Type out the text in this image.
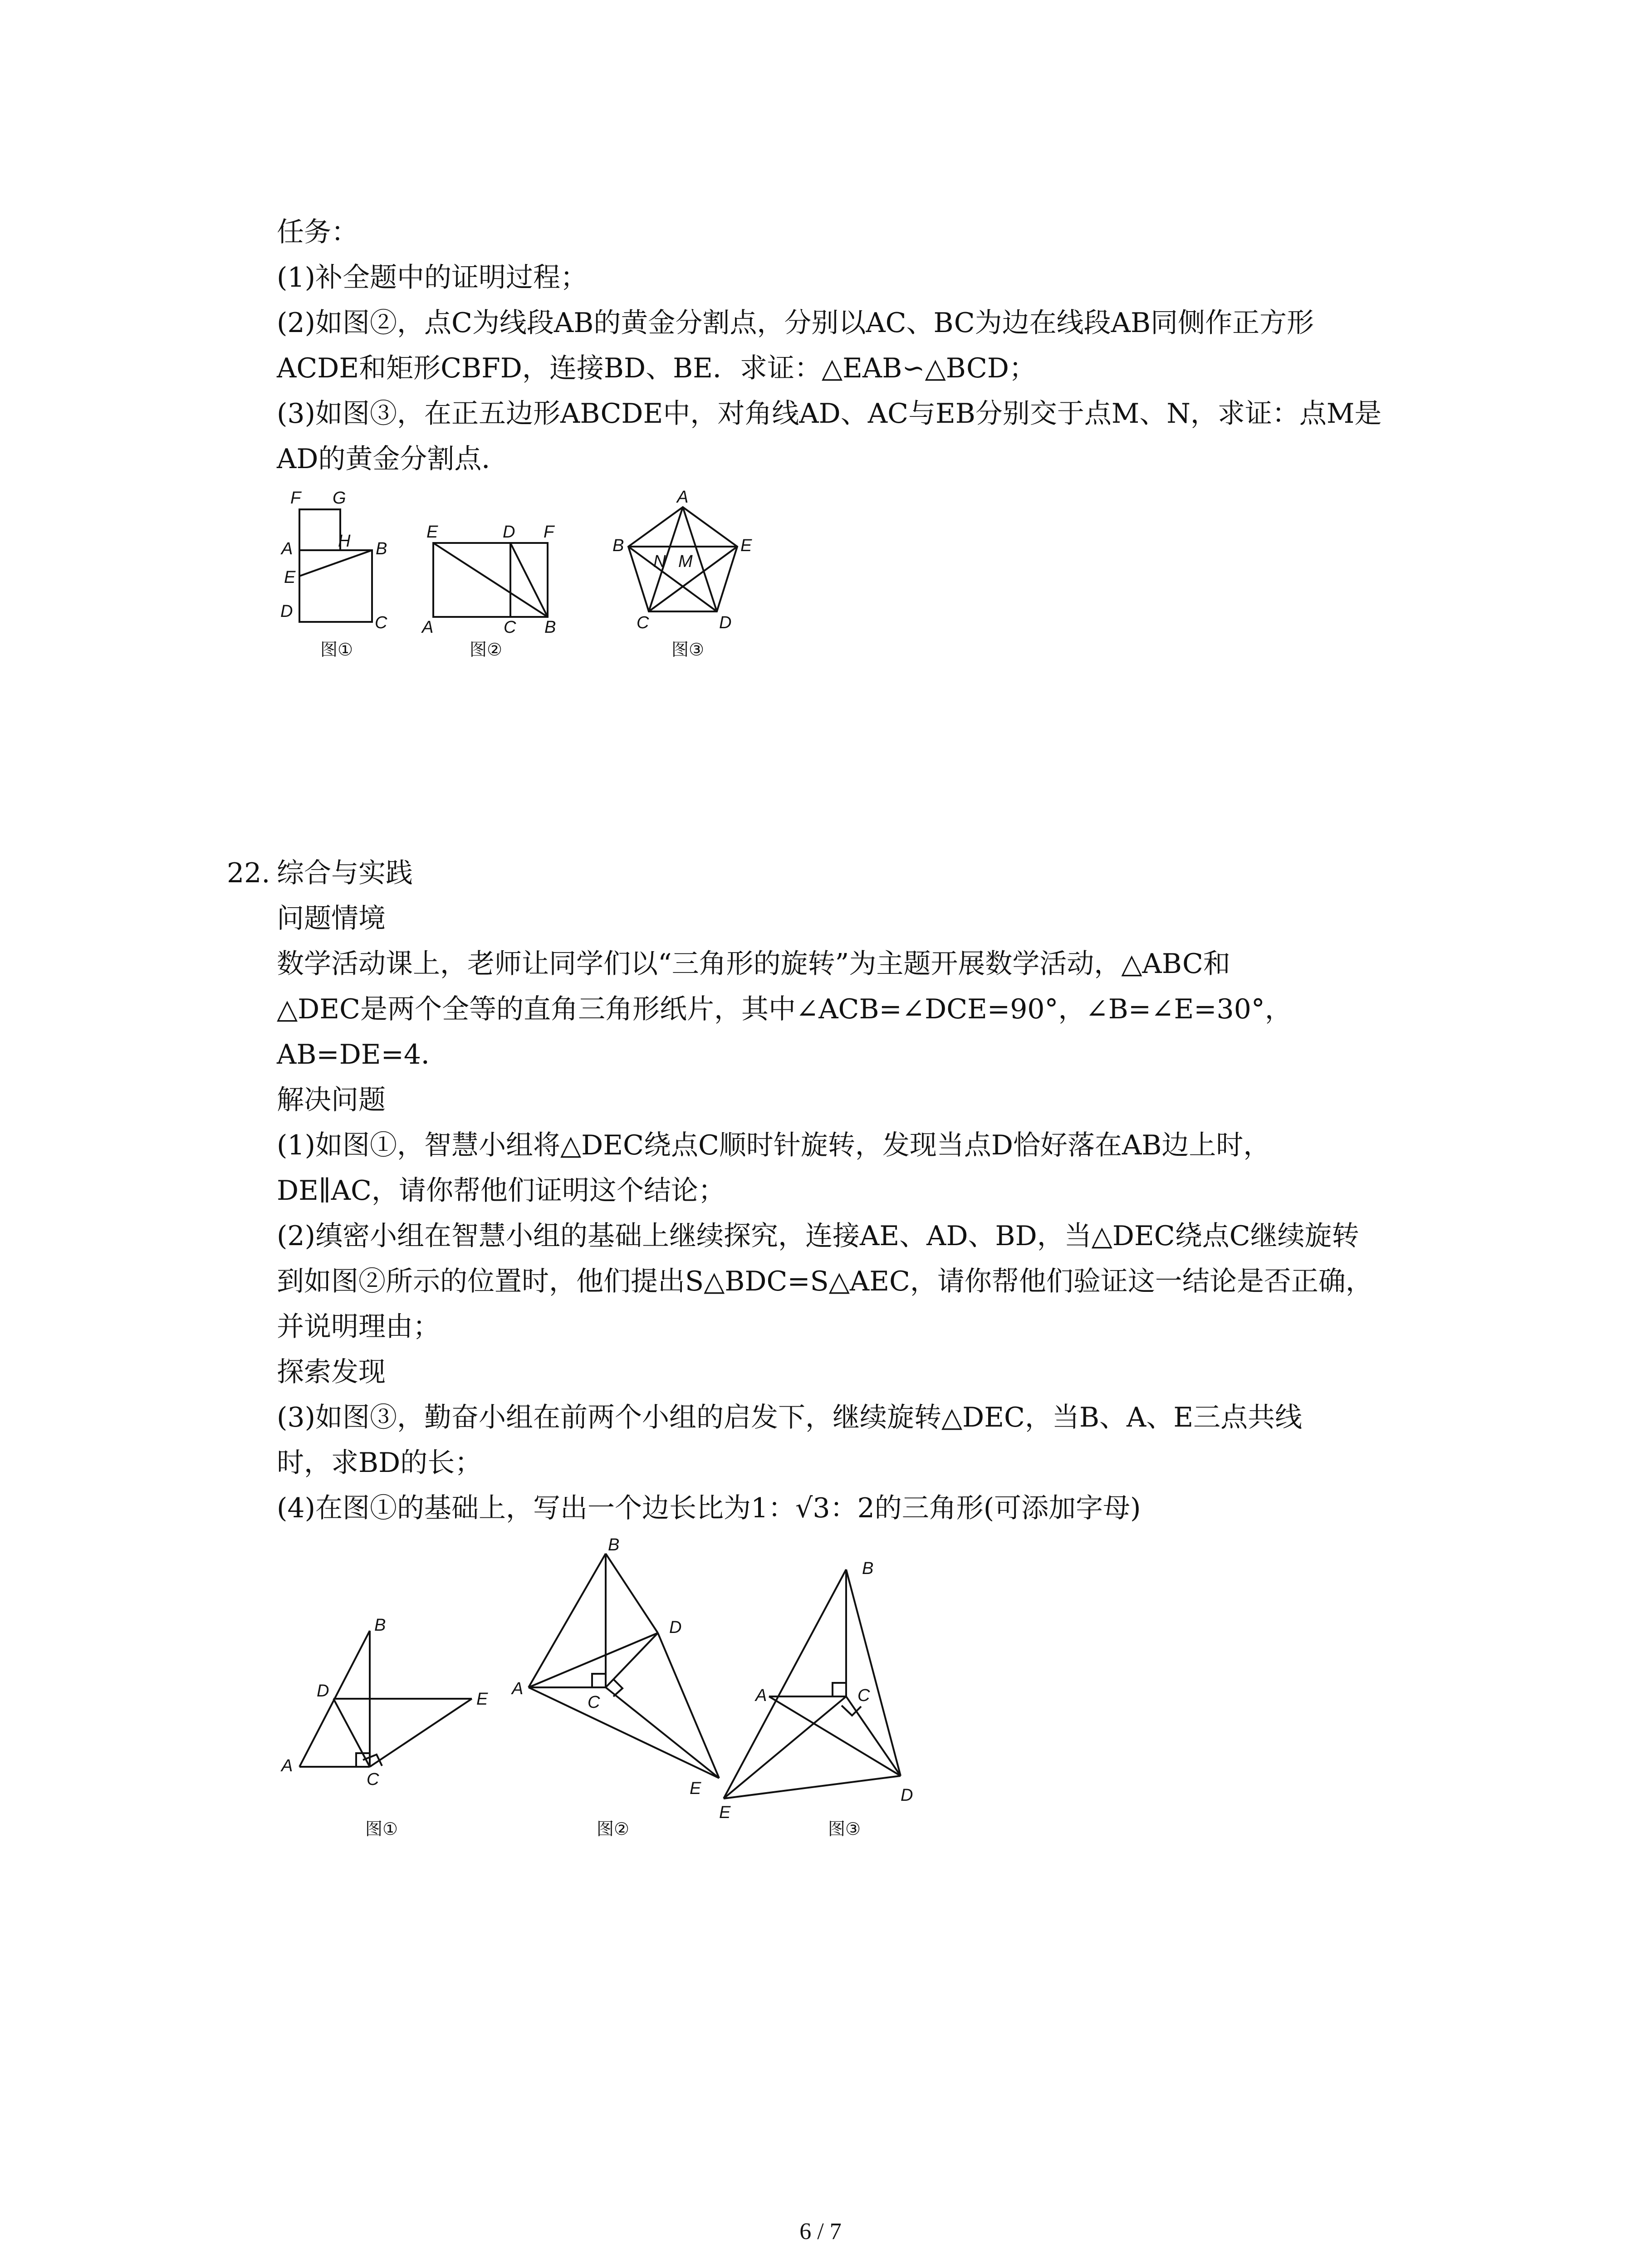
任务：
(1)补全题中的证明过程；
(2)如图②，点C为线段AB的黄金分割点，分别以AC、BC为边在线段AB同侧作正方形
ACDE和矩形CBFD，连接BD、BE．求证：△EAB∽△BCD；
(3)如图③，在正五边形ABCDE中，对角线AD、AC与EB分别交于点M、N，求证：点M是
AD的黄金分割点．
F G
H
A	B
E
D
C
图①
E	D F
A	C B
图②
A
B	E
N M
C	D
图③
22. 综合与实践
问题情境
数学活动课上，老师让同学们以“三角形的旋转”为主题开展数学活动，△ABC和
△DEC是两个全等的直角三角形纸片，其中∠ACB=∠DCE=90°，∠B=∠E=30°，
AB=DE=4．
解决问题
(1)如图①，智慧小组将△DEC绕点C顺时针旋转，发现当点D恰好落在AB边上时，
DE∥AC，请你帮他们证明这个结论；
(2)缜密小组在智慧小组的基础上继续探究，连接AE、AD、BD，当△DEC绕点C继续旋转
到如图②所示的位置时，他们提出S△BDC=S△AEC，请你帮他们验证这一结论是否正确，
并说明理由；
探索发现
(3)如图③，勤奋小组在前两个小组的启发下，继续旋转△DEC，当B、A、E三点共线
时，求BD的长；
(4)在图①的基础上，写出一个边长比为1：√3：2的三角形(可添加字母)
B
D	E
A
C
图①
B
D
A
C
E
图②
B
A	C
E
D
图③
6 / 7
